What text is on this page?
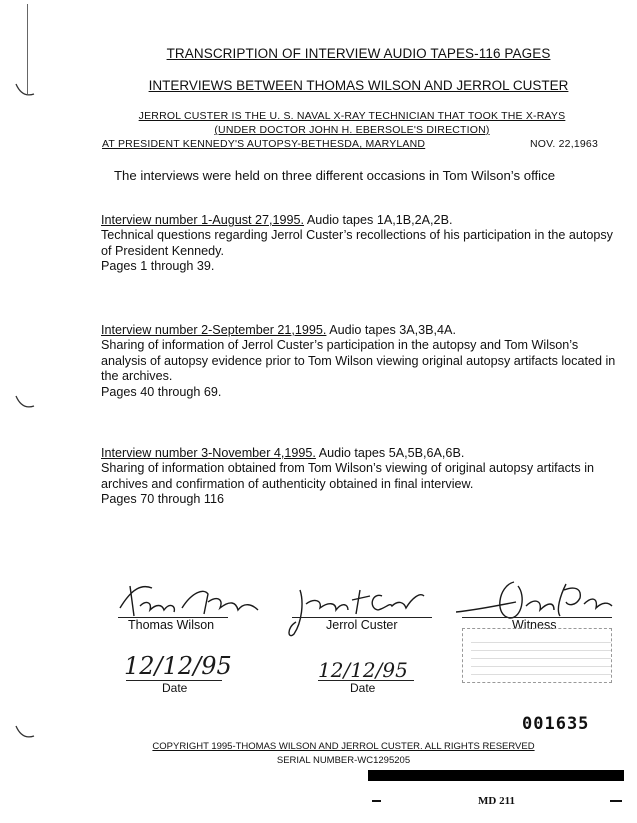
TRANSCRIPTION OF INTERVIEW AUDIO TAPES-116 PAGES
INTERVIEWS BETWEEN THOMAS WILSON AND JERROL CUSTER
JERROL CUSTER IS THE U. S. NAVAL X-RAY TECHNICIAN THAT TOOK THE X-RAYS
(UNDER DOCTOR JOHN H. EBERSOLE'S DIRECTION)
AT PRESIDENT KENNEDY'S AUTOPSY-BETHESDA, MARYLAND	NOV. 22,1963
The interviews were held on three different occasions in Tom Wilson’s office
Interview number 1-August 27,1995. Audio tapes 1A,1B,2A,2B.
Technical questions regarding Jerrol Custer’s recollections of his participation in the autopsy of President Kennedy.
Pages 1 through 39.
Interview number 2-September 21,1995. Audio tapes 3A,3B,4A.
Sharing of information of Jerrol Custer’s participation in the autopsy and Tom Wilson’s analysis of autopsy evidence prior to Tom Wilson viewing original autopsy artifacts located in the archives.
Pages 40 through 69.
Interview number 3-November 4,1995. Audio tapes 5A,5B,6A,6B.
Sharing of information obtained from Tom Wilson’s viewing of original autopsy artifacts in archives and confirmation of authenticity obtained in final interview.
Pages 70 through 116
Thomas Wilson	Jerrol Custer	Witness
12/12/95
Date
12/12/95
Date
001635
COPYRIGHT 1995-THOMAS WILSON AND JERROL CUSTER. ALL RIGHTS RESERVED
SERIAL NUMBER-WC1295205
MD 211
